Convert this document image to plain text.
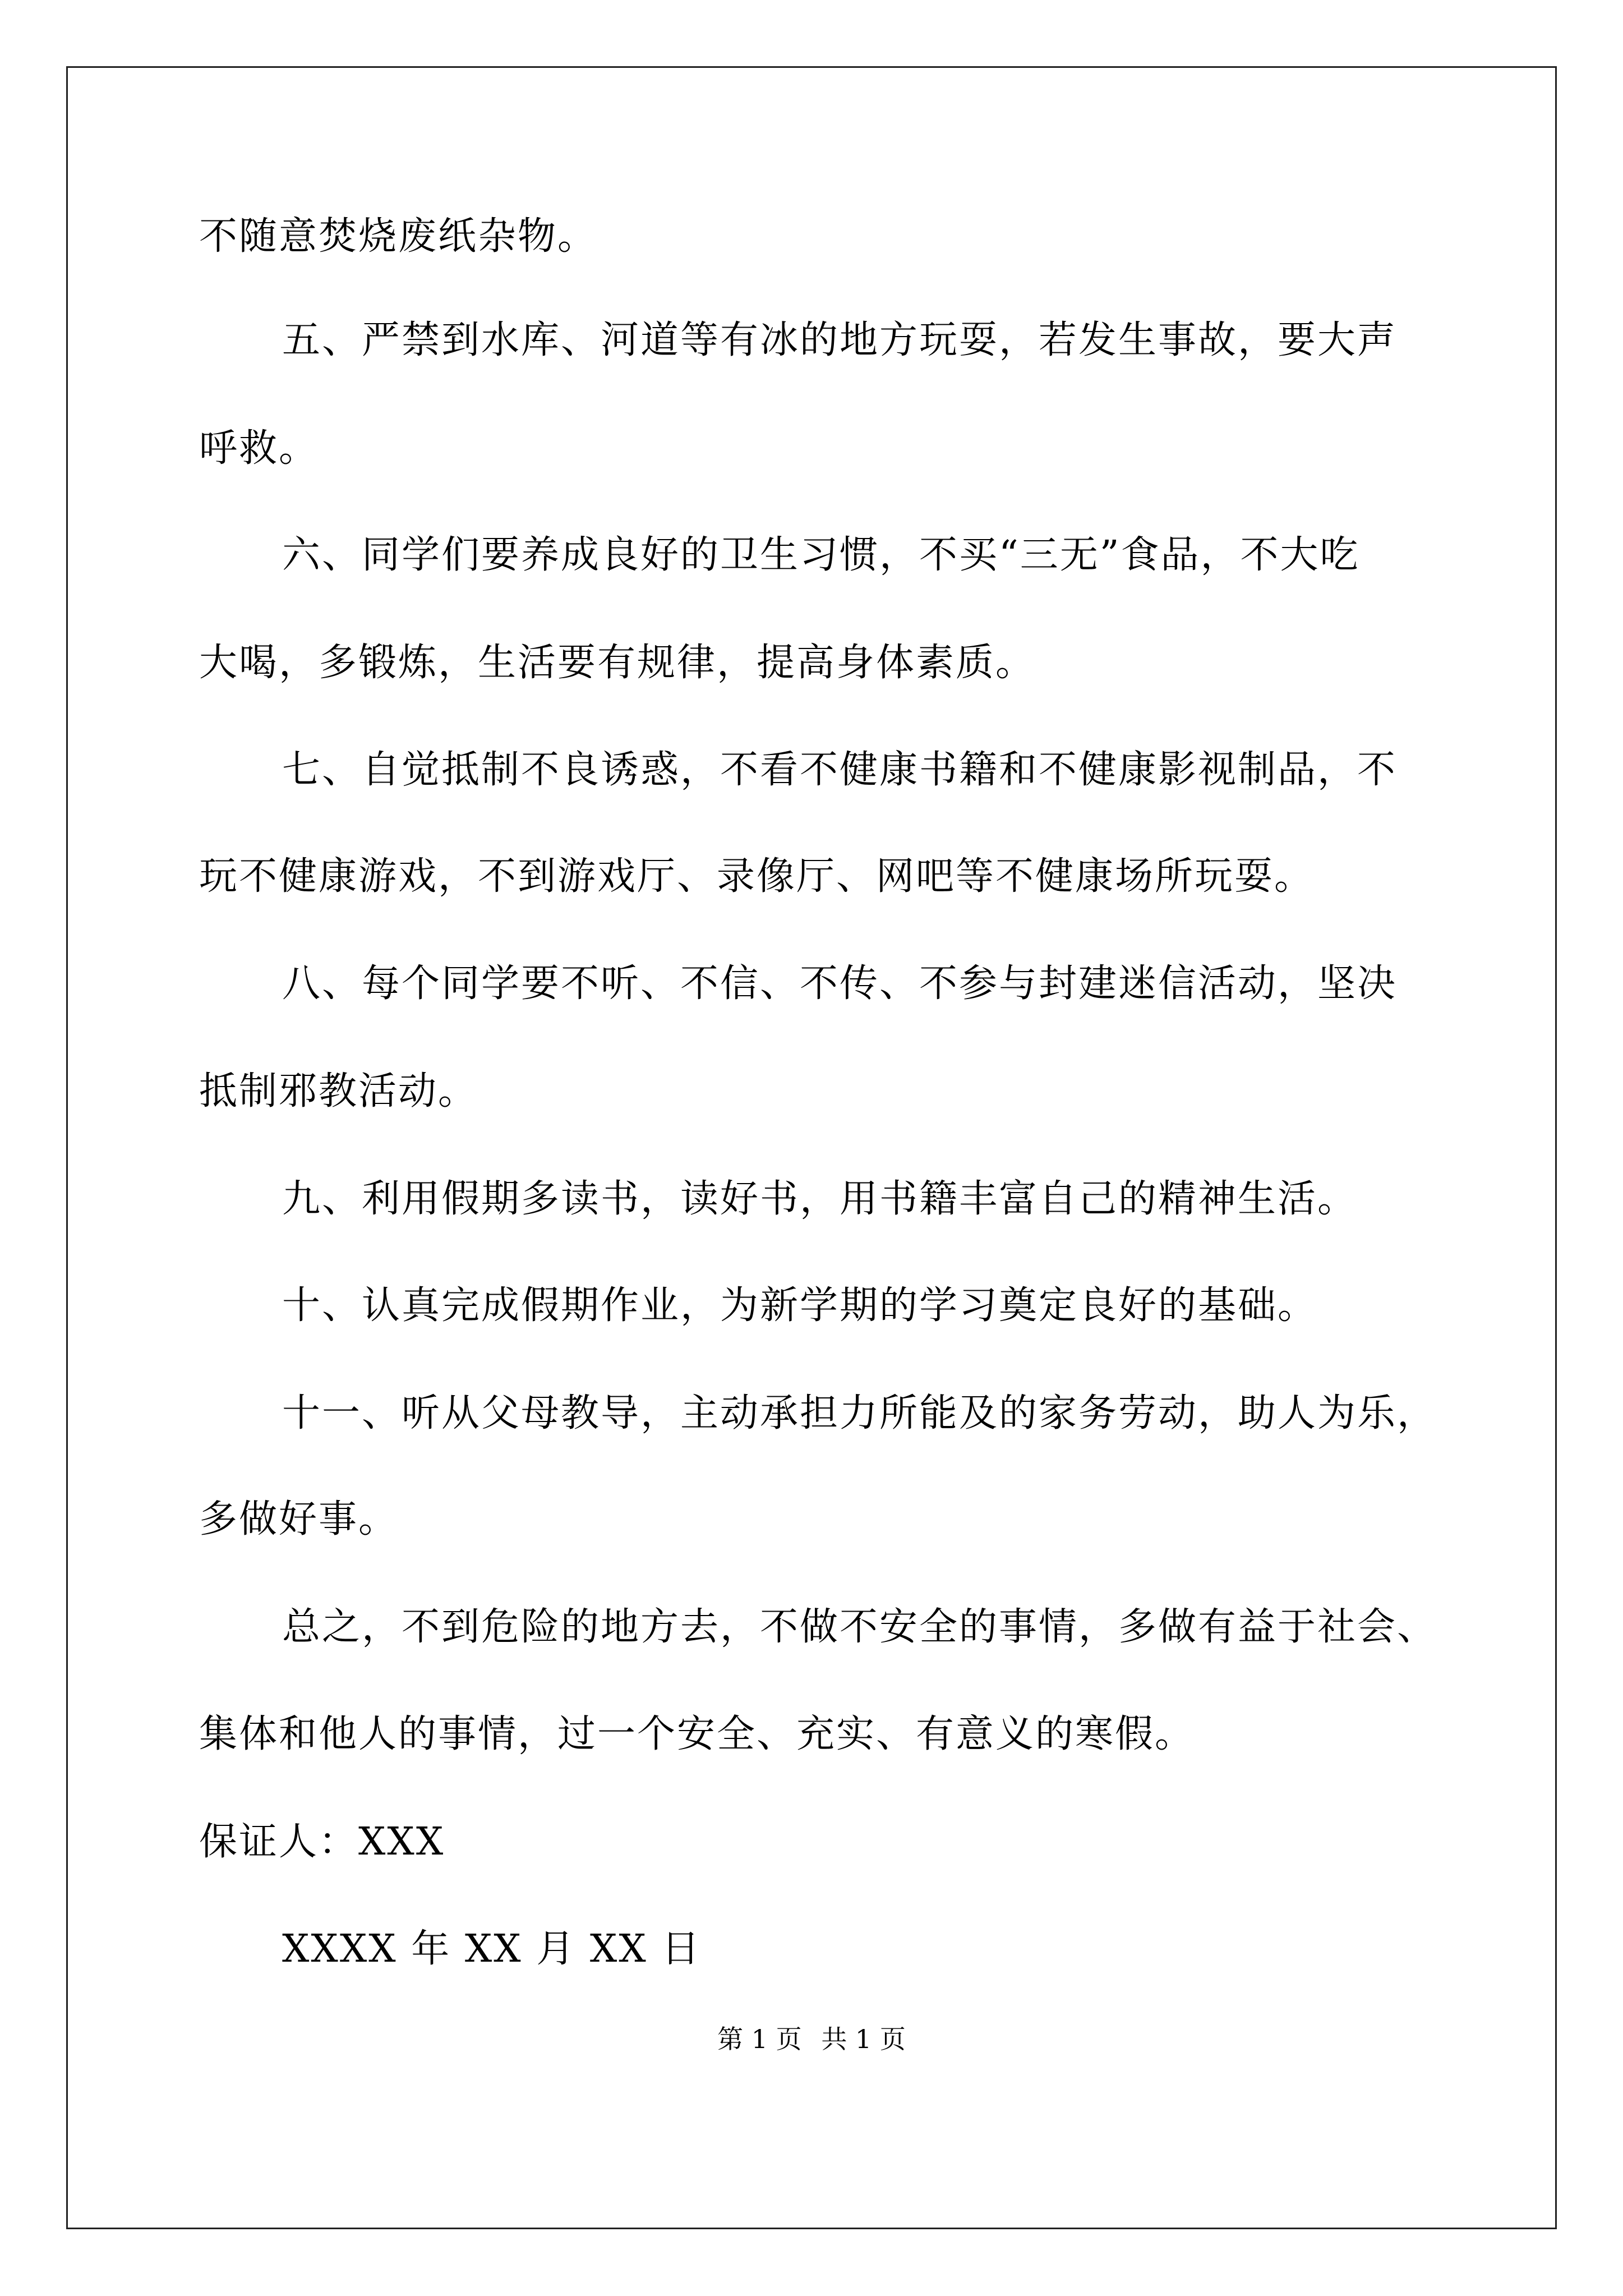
不随意焚烧废纸杂物。
五、严禁到水库、河道等有冰的地方玩耍，若发生事故，要大声
呼救。
六、同学们要养成良好的卫生习惯，不买“三无”食品，不大吃
大喝，多锻炼，生活要有规律，提高身体素质。
七、自觉抵制不良诱惑，不看不健康书籍和不健康影视制品，不
玩不健康游戏，不到游戏厅、录像厅、网吧等不健康场所玩耍。
八、每个同学要不听、不信、不传、不参与封建迷信活动，坚决
抵制邪教活动。
九、利用假期多读书，读好书，用书籍丰富自己的精神生活。
十、认真完成假期作业，为新学期的学习奠定良好的基础。
十一、听从父母教导，主动承担力所能及的家务劳动，助人为乐，
多做好事。
总之，不到危险的地方去，不做不安全的事情，多做有益于社会、
集体和他人的事情，过一个安全、充实、有意义的寒假。
保证人：XXX
XXXX 年 XX 月 XX 日
第 1 页 共 1 页
